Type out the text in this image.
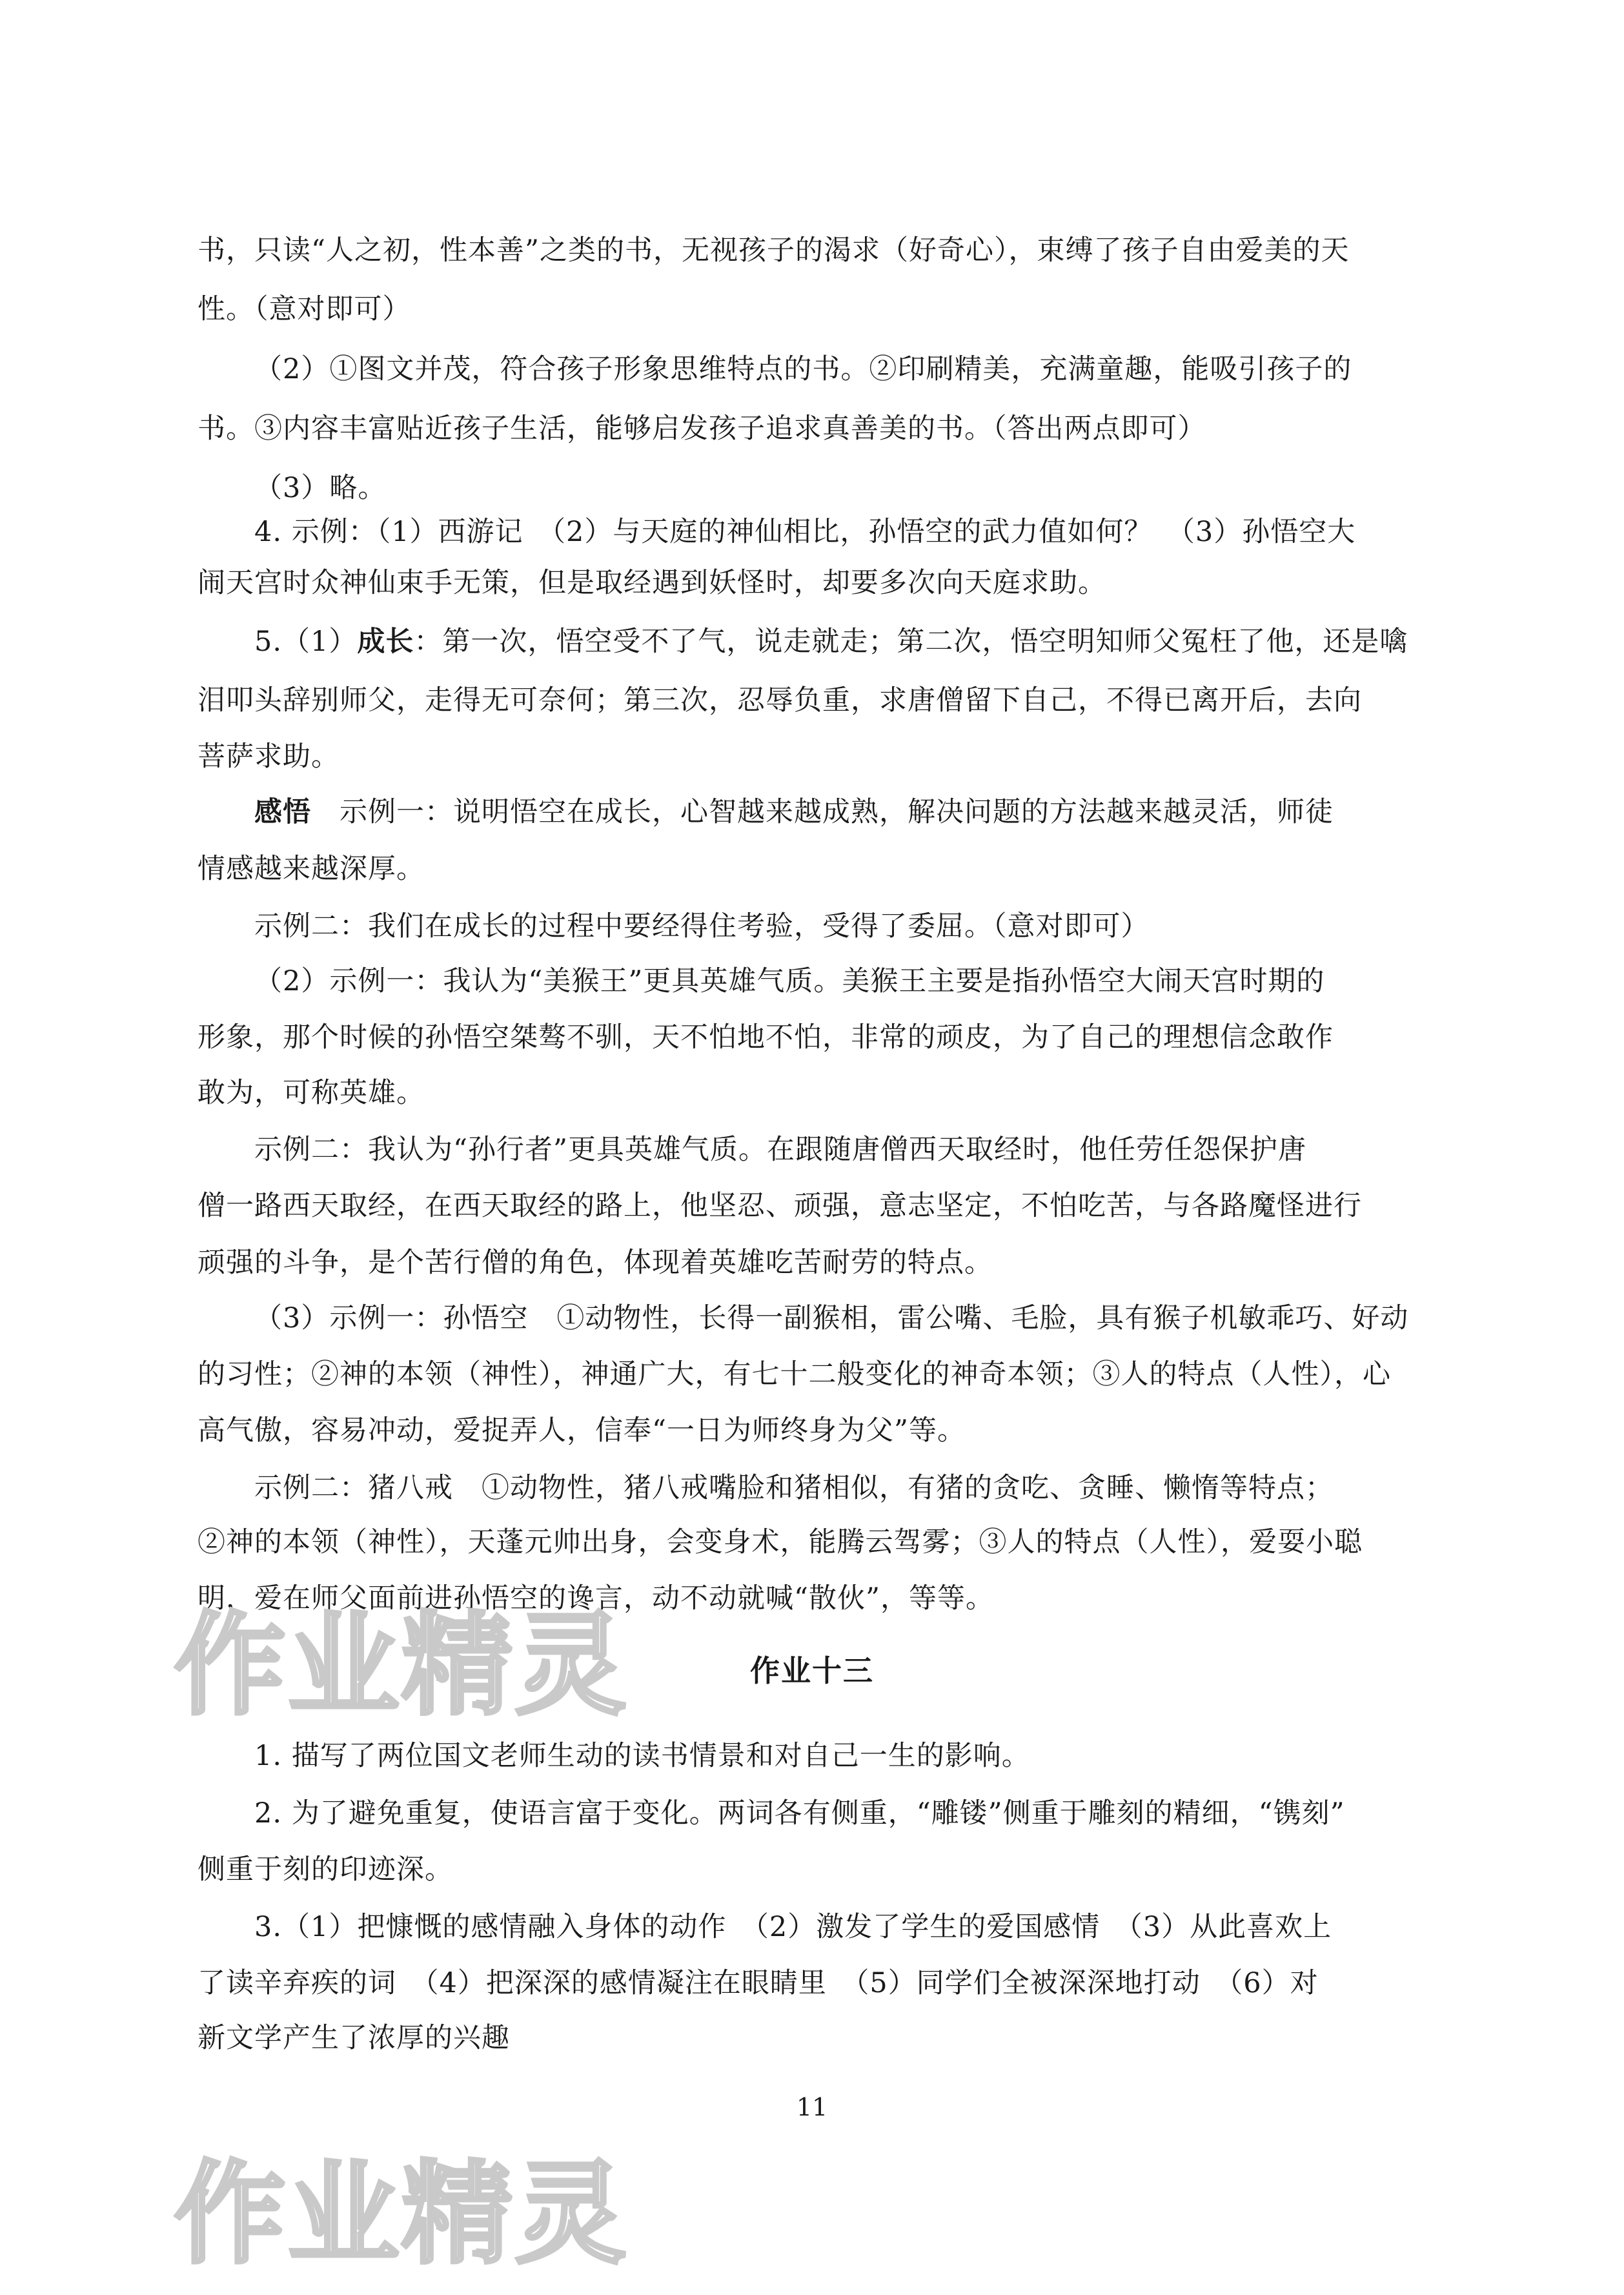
书，只读“人之初，性本善”之类的书，无视孩子的渴求（好奇心），束缚了孩子自由爱美的天
性。（意对即可）
（2）①图文并茂，符合孩子形象思维特点的书。②印刷精美，充满童趣，能吸引孩子的
书。③内容丰富贴近孩子生活，能够启发孩子追求真善美的书。（答出两点即可）
（3）略。
4. 示例：（1）西游记　（2）与天庭的神仙相比，孙悟空的武力值如何？　（3）孙悟空大
闹天宫时众神仙束手无策，但是取经遇到妖怪时，却要多次向天庭求助。
5.（1）成长：第一次，悟空受不了气，说走就走；第二次，悟空明知师父冤枉了他，还是噙
泪叩头辞别师父，走得无可奈何；第三次，忍辱负重，求唐僧留下自己，不得已离开后，去向
菩萨求助。
感悟　示例一：说明悟空在成长，心智越来越成熟，解决问题的方法越来越灵活，师徒
情感越来越深厚。
示例二：我们在成长的过程中要经得住考验，受得了委屈。（意对即可）
（2）示例一：我认为“美猴王”更具英雄气质。美猴王主要是指孙悟空大闹天宫时期的
形象，那个时候的孙悟空桀骜不驯，天不怕地不怕，非常的顽皮，为了自己的理想信念敢作
敢为，可称英雄。
示例二：我认为“孙行者”更具英雄气质。在跟随唐僧西天取经时，他任劳任怨保护唐
僧一路西天取经，在西天取经的路上，他坚忍、顽强，意志坚定，不怕吃苦，与各路魔怪进行
顽强的斗争，是个苦行僧的角色，体现着英雄吃苦耐劳的特点。
（3）示例一：孙悟空　①动物性，长得一副猴相，雷公嘴、毛脸，具有猴子机敏乖巧、好动
的习性；②神的本领（神性），神通广大，有七十二般变化的神奇本领；③人的特点（人性），心
高气傲，容易冲动，爱捉弄人，信奉“一日为师终身为父”等。
示例二：猪八戒　①动物性，猪八戒嘴脸和猪相似，有猪的贪吃、贪睡、懒惰等特点；
②神的本领（神性），天蓬元帅出身，会变身术，能腾云驾雾；③人的特点（人性），爱耍小聪
明，爱在师父面前进孙悟空的谗言，动不动就喊“散伙”，等等。
作业十三
1. 描写了两位国文老师生动的读书情景和对自己一生的影响。
2. 为了避免重复，使语言富于变化。两词各有侧重，“雕镂”侧重于雕刻的精细，“镌刻”
侧重于刻的印迹深。
3.（1）把慷慨的感情融入身体的动作　（2）激发了学生的爱国感情　（3）从此喜欢上
了读辛弃疾的词　（4）把深深的感情凝注在眼睛里　（5）同学们全被深深地打动　（6）对
新文学产生了浓厚的兴趣
11
作业精灵
作业精灵
